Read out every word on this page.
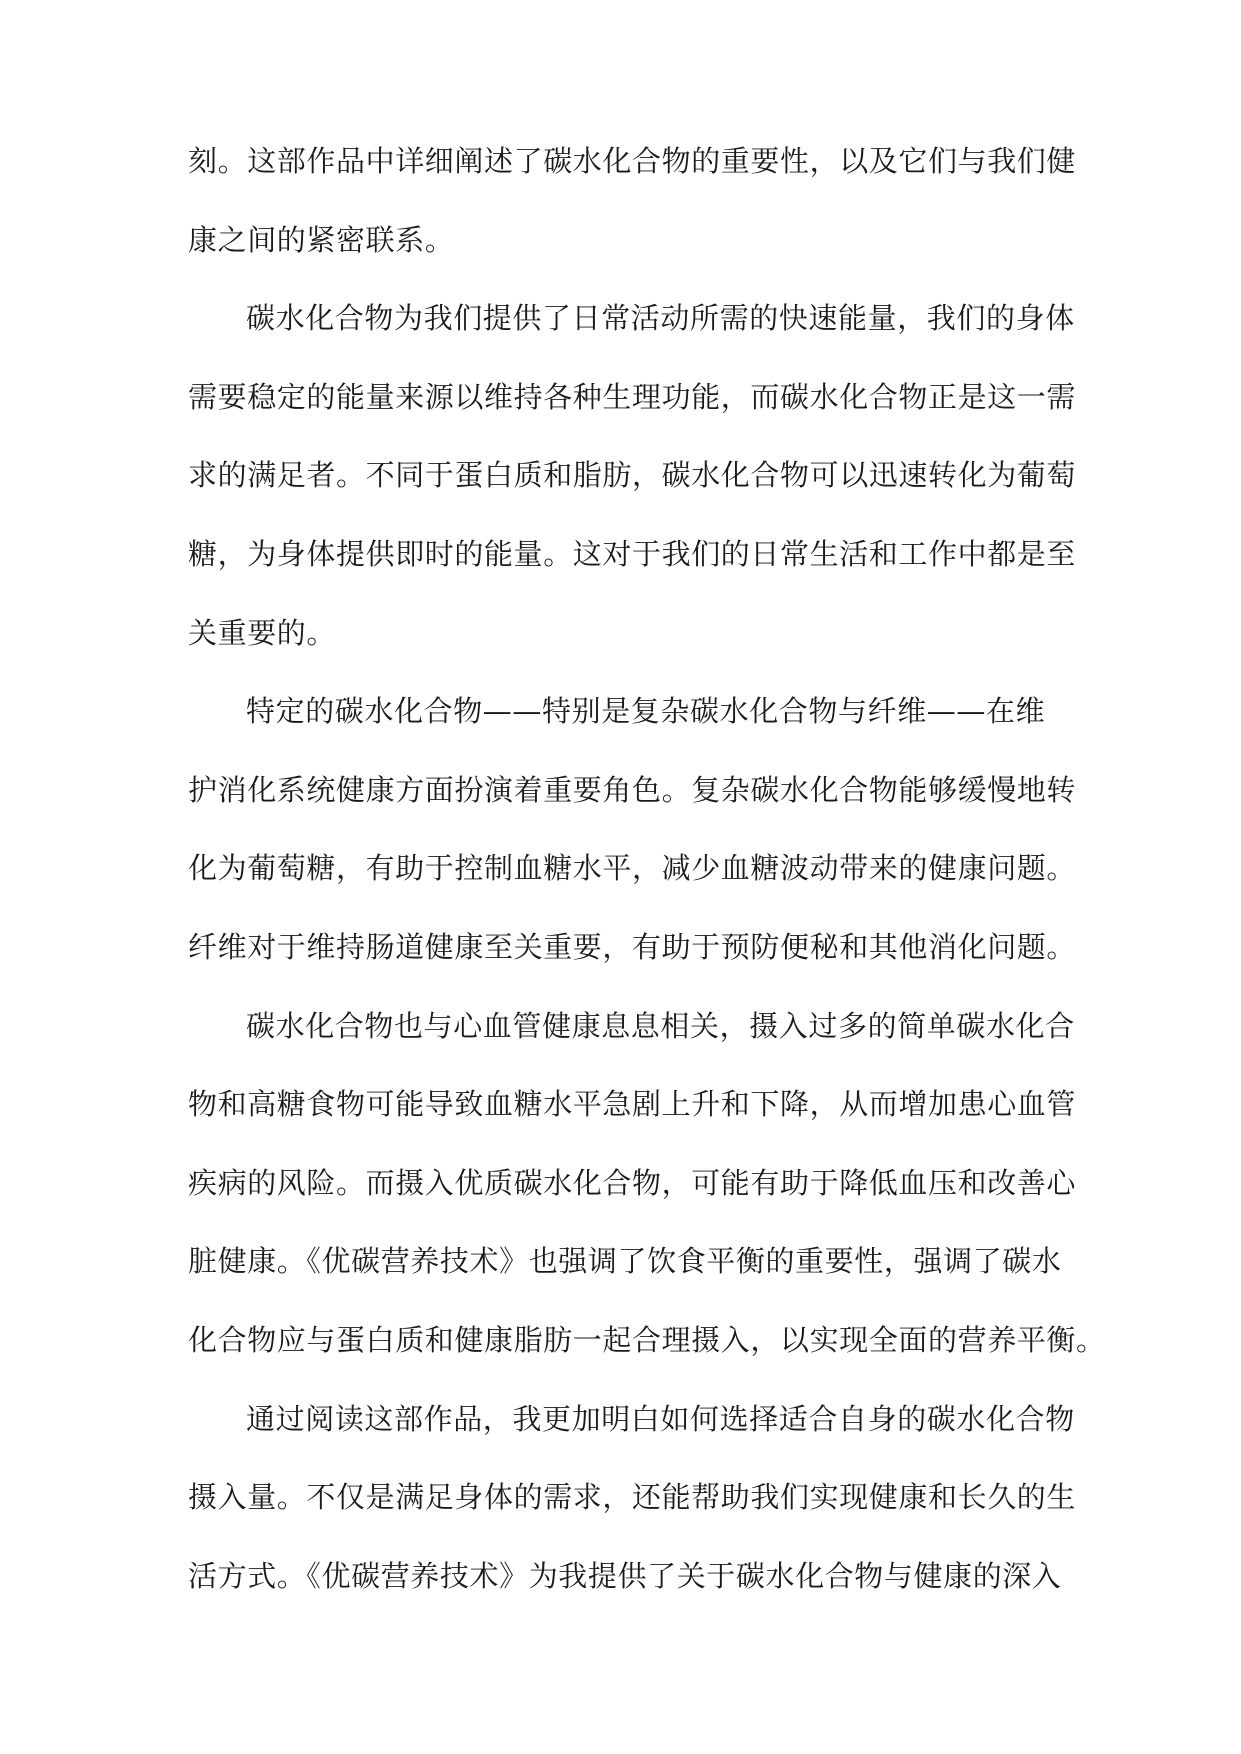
刻。这部作品中详细阐述了碳水化合物的重要性，以及它们与我们健
康之间的紧密联系。
碳水化合物为我们提供了日常活动所需的快速能量，我们的身体
需要稳定的能量来源以维持各种生理功能，而碳水化合物正是这一需
求的满足者。不同于蛋白质和脂肪，碳水化合物可以迅速转化为葡萄
糖，为身体提供即时的能量。这对于我们的日常生活和工作中都是至
关重要的。
特定的碳水化合物——特别是复杂碳水化合物与纤维——在维
护消化系统健康方面扮演着重要角色。复杂碳水化合物能够缓慢地转
化为葡萄糖，有助于控制血糖水平，减少血糖波动带来的健康问题。
纤维对于维持肠道健康至关重要，有助于预防便秘和其他消化问题。
碳水化合物也与心血管健康息息相关，摄入过多的简单碳水化合
物和高糖食物可能导致血糖水平急剧上升和下降，从而增加患心血管
疾病的风险。而摄入优质碳水化合物，可能有助于降低血压和改善心
脏健康。《优碳营养技术》也强调了饮食平衡的重要性，强调了碳水
化合物应与蛋白质和健康脂肪一起合理摄入，以实现全面的营养平衡。
通过阅读这部作品，我更加明白如何选择适合自身的碳水化合物
摄入量。不仅是满足身体的需求，还能帮助我们实现健康和长久的生
活方式。《优碳营养技术》为我提供了关于碳水化合物与健康的深入
